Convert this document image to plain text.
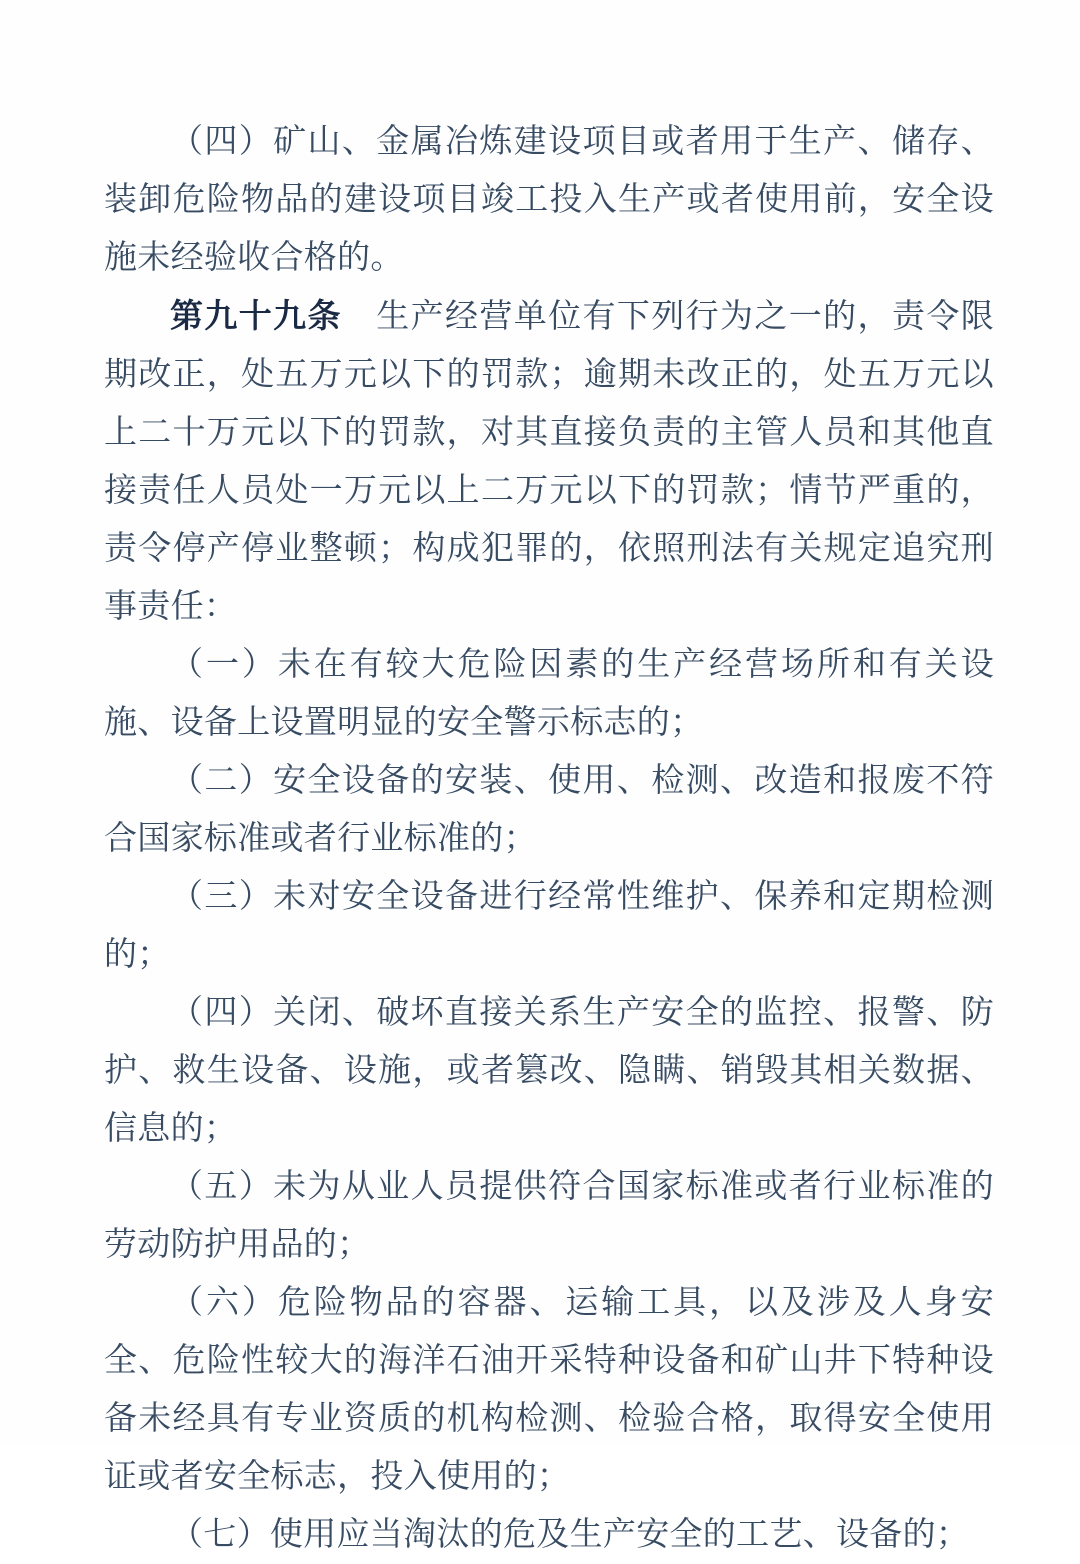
（四）矿山、金属冶炼建设项目或者用于生产、储存、装卸危险物品的建设项目竣工投入生产或者使用前，安全设施未经验收合格的。

第九十九条　生产经营单位有下列行为之一的，责令限期改正，处五万元以下的罚款；逾期未改正的，处五万元以上二十万元以下的罚款，对其直接负责的主管人员和其他直接责任人员处一万元以上二万元以下的罚款；情节严重的，责令停产停业整顿；构成犯罪的，依照刑法有关规定追究刑事责任：

（一）未在有较大危险因素的生产经营场所和有关设施、设备上设置明显的安全警示标志的；

（二）安全设备的安装、使用、检测、改造和报废不符合国家标准或者行业标准的；

（三）未对安全设备进行经常性维护、保养和定期检测的；

（四）关闭、破坏直接关系生产安全的监控、报警、防护、救生设备、设施，或者篡改、隐瞒、销毁其相关数据、信息的；

（五）未为从业人员提供符合国家标准或者行业标准的劳动防护用品的；

（六）危险物品的容器、运输工具，以及涉及人身安全、危险性较大的海洋石油开采特种设备和矿山井下特种设备未经具有专业资质的机构检测、检验合格，取得安全使用证或者安全标志，投入使用的；

（七）使用应当淘汰的危及生产安全的工艺、设备的；
